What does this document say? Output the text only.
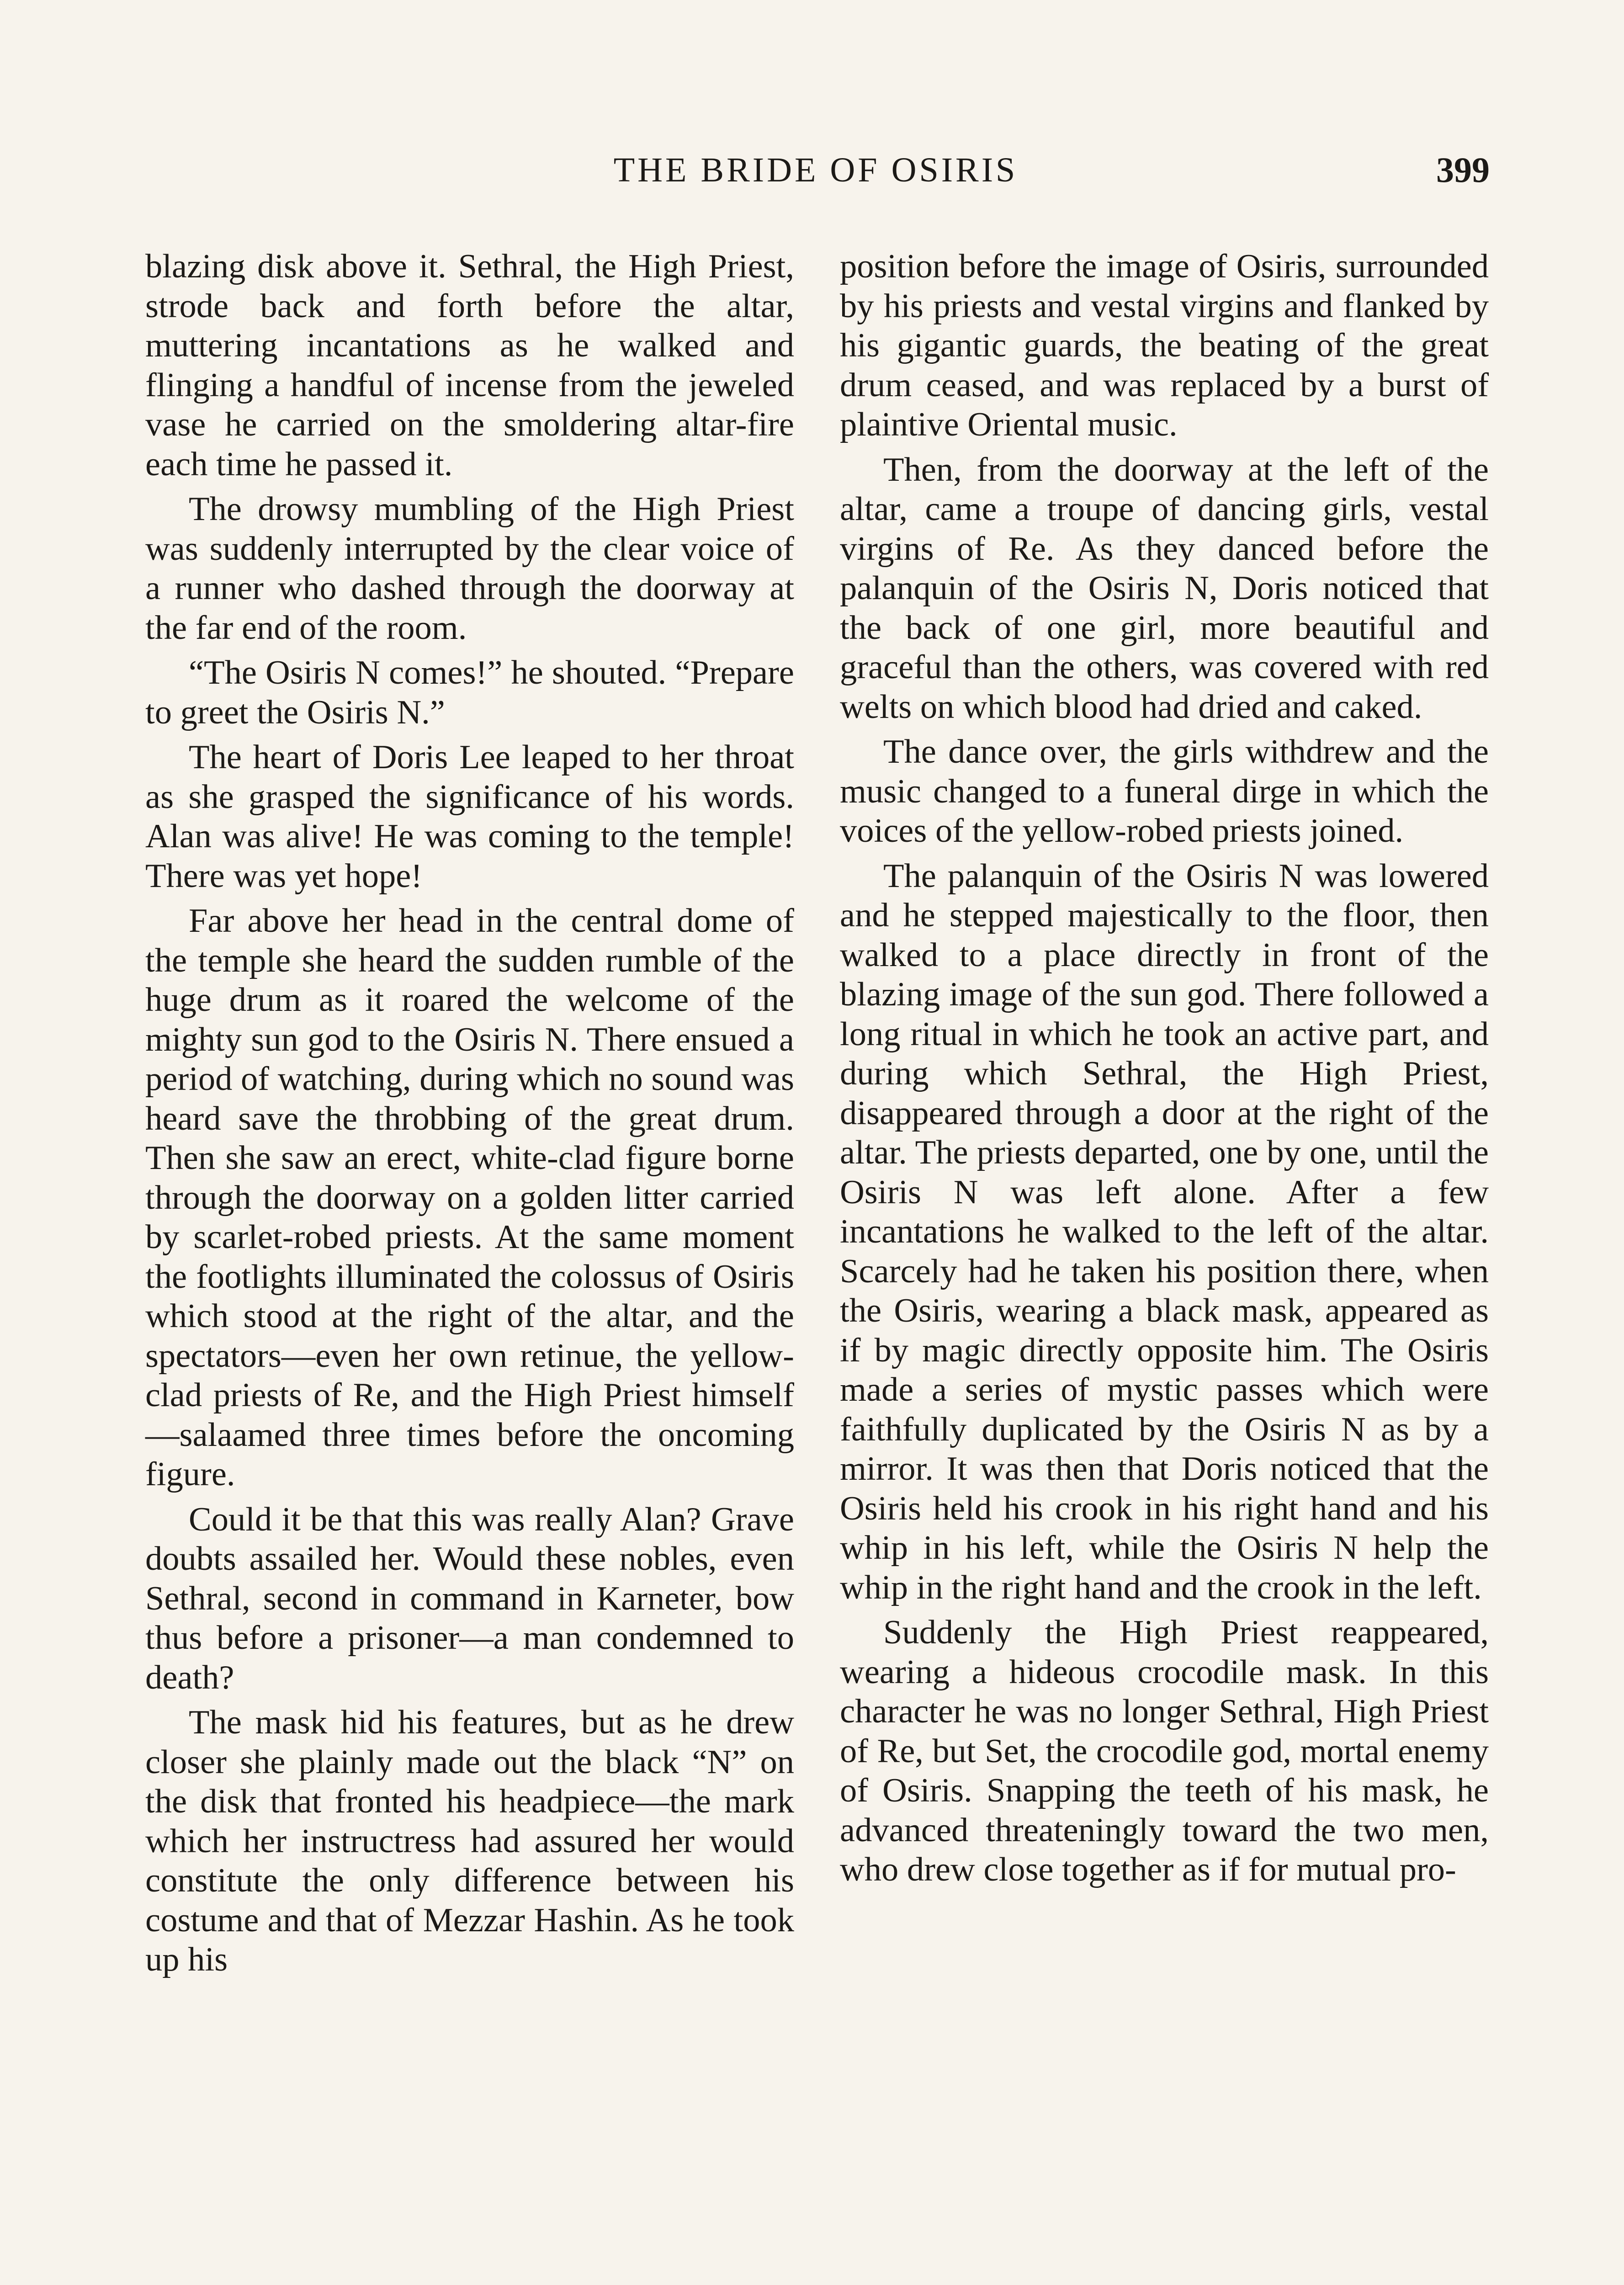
THE BRIDE OF OSIRIS	399

blazing disk above it. Sethral, the High Priest, strode back and forth before the altar, muttering incantations as he walked and flinging a handful of incense from the jeweled vase he carried on the smoldering altar-fire each time he passed it.

The drowsy mumbling of the High Priest was suddenly interrupted by the clear voice of a runner who dashed through the doorway at the far end of the room.

“The Osiris N comes!” he shouted. “Prepare to greet the Osiris N.”

The heart of Doris Lee leaped to her throat as she grasped the significance of his words. Alan was alive! He was coming to the temple! There was yet hope!

Far above her head in the central dome of the temple she heard the sudden rumble of the huge drum as it roared the welcome of the mighty sun god to the Osiris N. There ensued a period of watching, during which no sound was heard save the throbbing of the great drum. Then she saw an erect, white-clad figure borne through the doorway on a golden litter carried by scarlet-robed priests. At the same moment the footlights illuminated the colossus of Osiris which stood at the right of the altar, and the spectators—even her own retinue, the yellow-clad priests of Re, and the High Priest himself—salaamed three times before the oncoming figure.

Could it be that this was really Alan? Grave doubts assailed her. Would these nobles, even Sethral, second in command in Karneter, bow thus before a prisoner—a man condemned to death?

The mask hid his features, but as he drew closer she plainly made out the black “N” on the disk that fronted his headpiece—the mark which her instructress had assured her would constitute the only difference between his costume and that of Mezzar Hashin. As he took up his

position before the image of Osiris, surrounded by his priests and vestal virgins and flanked by his gigantic guards, the beating of the great drum ceased, and was replaced by a burst of plaintive Oriental music.

Then, from the doorway at the left of the altar, came a troupe of dancing girls, vestal virgins of Re. As they danced before the palanquin of the Osiris N, Doris noticed that the back of one girl, more beautiful and graceful than the others, was covered with red welts on which blood had dried and caked.

The dance over, the girls withdrew and the music changed to a funeral dirge in which the voices of the yellow-robed priests joined.

The palanquin of the Osiris N was lowered and he stepped majestically to the floor, then walked to a place directly in front of the blazing image of the sun god. There followed a long ritual in which he took an active part, and during which Sethral, the High Priest, disappeared through a door at the right of the altar. The priests departed, one by one, until the Osiris N was left alone. After a few incantations he walked to the left of the altar. Scarcely had he taken his position there, when the Osiris, wearing a black mask, appeared as if by magic directly opposite him. The Osiris made a series of mystic passes which were faithfully duplicated by the Osiris N as by a mirror. It was then that Doris noticed that the Osiris held his crook in his right hand and his whip in his left, while the Osiris N help the whip in the right hand and the crook in the left.

Suddenly the High Priest reappeared, wearing a hideous crocodile mask. In this character he was no longer Sethral, High Priest of Re, but Set, the crocodile god, mortal enemy of Osiris. Snapping the teeth of his mask, he advanced threateningly toward the two men, who drew close together as if for mutual pro-
